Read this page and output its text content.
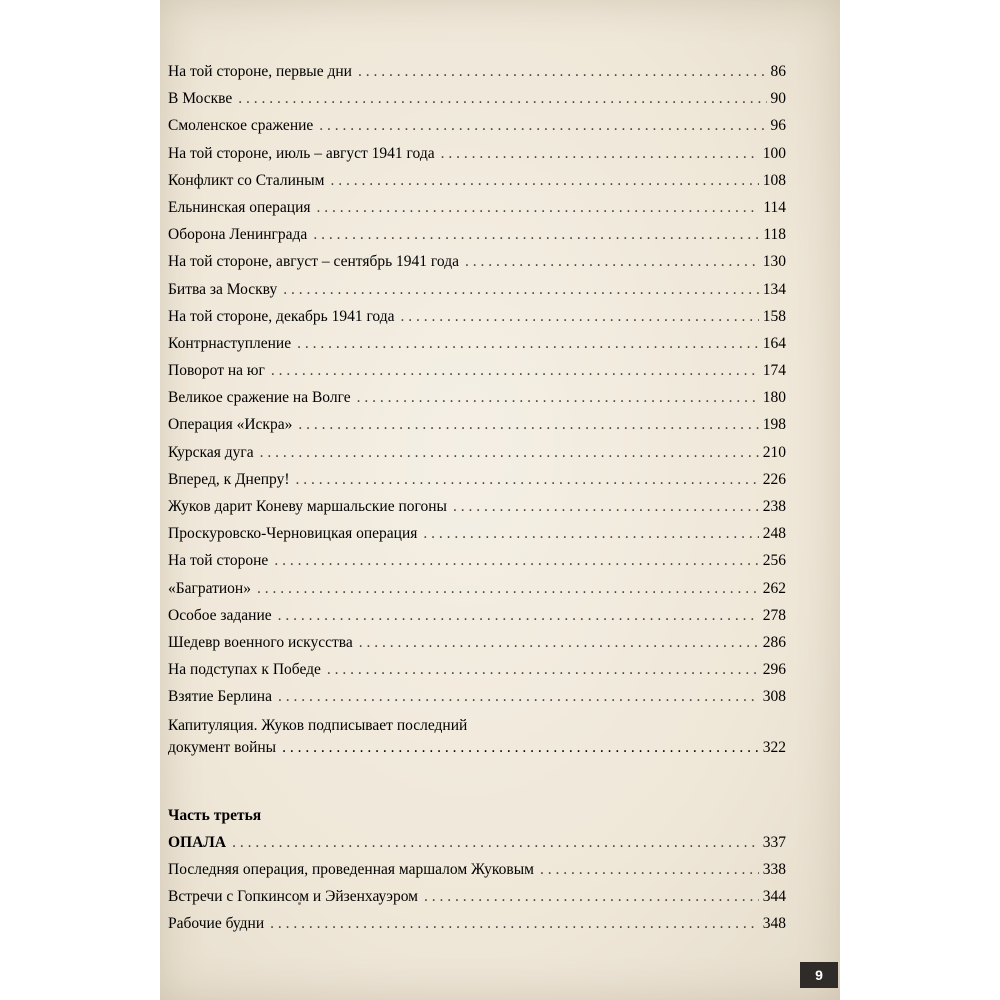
На той стороне, первые дни . . .	86
В Москве . . .	90
Смоленское сражение . . .	96
На той стороне, июль – август 1941 года . . .	100
Конфликт со Сталиным . . .	108
Ельнинская операция . . .	114
Оборона Ленинграда . . .	118
На той стороне, август – сентябрь 1941 года . . .	130
Битва за Москву . . .	134
На той стороне, декабрь 1941 года . . .	158
Контрнаступление . . .	164
Поворот на юг . . .	174
Великое сражение на Волге . . .	180
Операция «Искра» . . .	198
Курская дуга . . .	210
Вперед, к Днепру! . . .	226
Жуков дарит Коневу маршальские погоны . . .	238
Проскуровско-Черновицкая операция . . .	248
На той стороне . . .	256
«Багратион» . . .	262
Особое задание . . .	278
Шедевр военного искусства . . .	286
На подступах к Победе . . .	296
Взятие Берлина . . .	308
Капитуляция. Жуков подписывает последний
документ войны . . .	322
Часть третья
ОПАЛА . . .	337
Последняя операция, проведенная маршалом Жуковым . . .	338
Встречи с Гопкинсом и Эйзенхауэром . . .	344
Рабочие будни . . .	348
9
